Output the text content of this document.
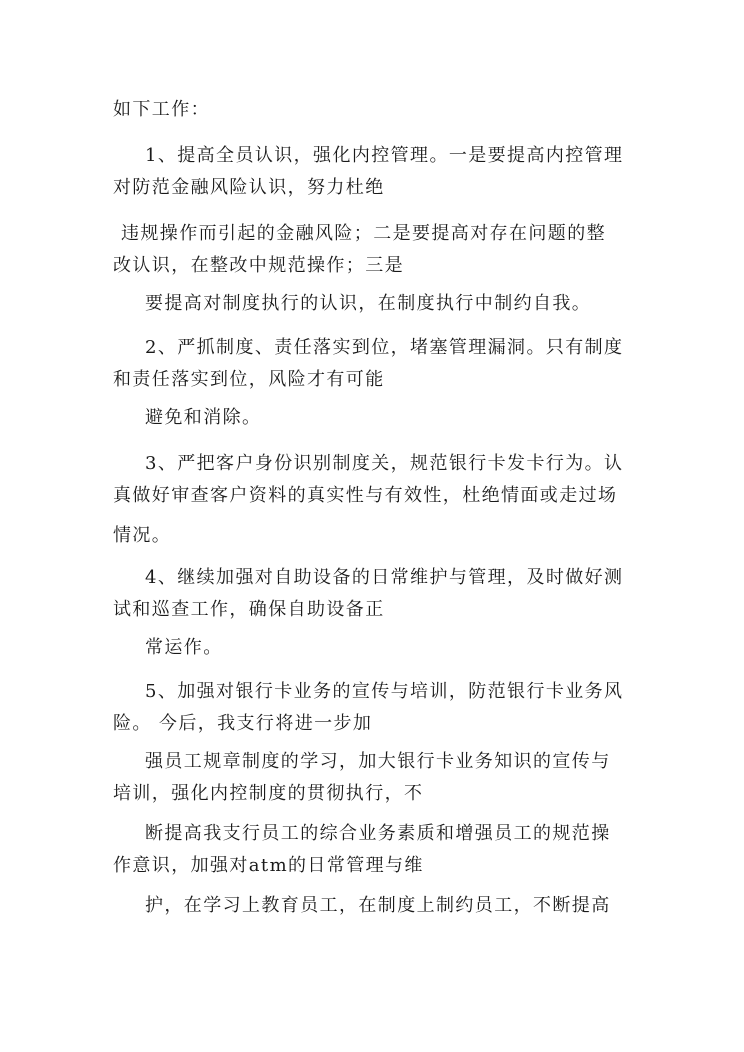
如下工作：
1、提高全员认识，强化内控管理。一是要提高内控管理
对防范金融风险认识，努力杜绝
违规操作而引起的金融风险；二是要提高对存在问题的整
改认识，在整改中规范操作；三是
要提高对制度执行的认识，在制度执行中制约自我。
2、严抓制度、责任落实到位，堵塞管理漏洞。只有制度
和责任落实到位，风险才有可能
避免和消除。
3、严把客户身份识别制度关，规范银行卡发卡行为。认
真做好审查客户资料的真实性与有效性，杜绝情面或走过场
情况。
4、继续加强对自助设备的日常维护与管理，及时做好测
试和巡查工作，确保自助设备正
常运作。
5、加强对银行卡业务的宣传与培训，防范银行卡业务风
险。 今后，我支行将进一步加
强员工规章制度的学习，加大银行卡业务知识的宣传与
培训，强化内控制度的贯彻执行，不
断提高我支行员工的综合业务素质和增强员工的规范操
作意识，加强对atm的日常管理与维
护，在学习上教育员工，在制度上制约员工，不断提高
